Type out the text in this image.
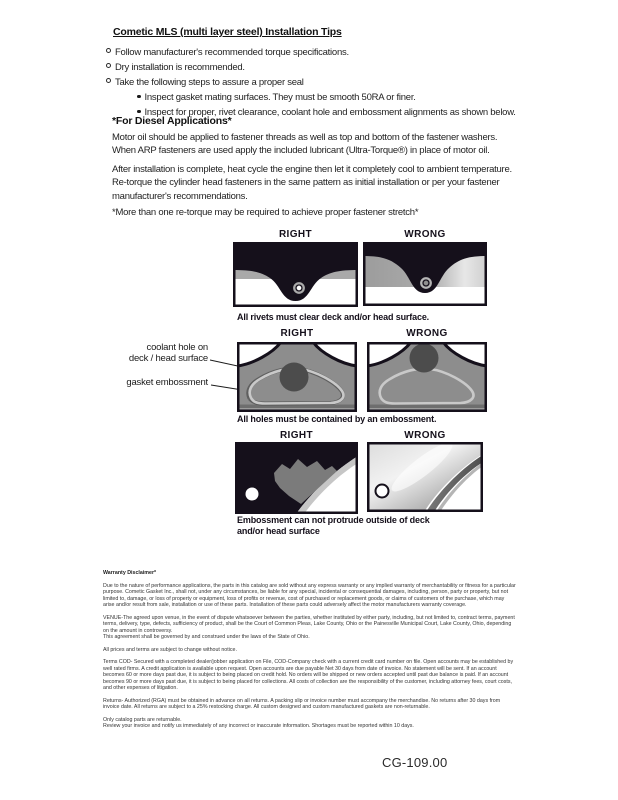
Cometic MLS (multi layer steel) Installation Tips
Follow manufacturer's recommended torque specifications.
Dry installation is recommended.
Take the following steps to assure a proper seal
Inspect gasket mating surfaces. They must be smooth 50RA or finer.
Inspect for proper, rivet clearance, coolant hole and embossment alignments as shown below.
*For Diesel Applications*
Motor oil should be applied to fastener threads as well as top and bottom of the fastener washers. When ARP fasteners are used apply the included lubricant (Ultra-Torque®) in place of motor oil.
After installation is complete, heat cycle the engine then let it completely cool to ambient temperature. Re-torque the cylinder head fasteners in the same pattern as initial installation or per your fastener manufacturer's recommendations.
*More than one re-torque may be required to achieve proper fastener stretch*
RIGHT	WRONG
All rivets must clear deck and/or head surface.
RIGHT	WRONG
coolant hole on
deck / head surface
gasket embossment
All holes must be contained by an embossment.
RIGHT	WRONG
Embossment can not protrude outside of deck and/or head surface

Warranty Disclaimer*

Due to the nature of performance applications, the parts in this catalog are sold without any express warranty or any implied warranty of merchantability or fitness for a particular purpose. Cometic Gasket Inc., shall not, under any circumstances, be liable for any special, incidental or consequential damages, including, person, party or property, but not limited to, damage, or loss of property or equipment, loss of profits or revenue, cost of purchased or replacement goods, or claims of customers of the purchase, which may arise and/or result from sale, installation or use of these parts. Installation of these parts could adversely affect the motor manufacturers warranty coverage.

VENUE-The agreed upon venue, in the event of dispute whatsoever between the parties, whether instituted by either party, including, but not limited to, contract terms, payment terms, delivery, type, defects, sufficiency of product, shall be the Court of Common Pleas, Lake County, Ohio or the Painesville Municipal Court, Lake County, Ohio, depending on the amount in controversy.

This agreement shall be governed by and construed under the laws of the State of Ohio.

All prices and terms are subject to change without notice.

Terms COD- Secured with a completed dealer/jobber application on File, COD-Company check with a current credit card number on file. Open accounts may be established by well rated firms. A credit application is available upon request. Open accounts are due payable Net 30 days from date of invoice. No statement will be sent. If an account becomes 60 or more days past due, it is subject to being placed on credit hold. No orders will be shipped or new orders accepted until past due balance is paid. If an account becomes 90 or more days past due, it is subject to being placed for collections. All costs of collection are the responsibility of the customer, including attorney fees, court costs, and other expenses of litigation.

Returns- Authorized (RGA) must be obtained in advance on all returns. A packing slip or invoice number must accompany the merchandise. No returns after 30 days from invoice date. All returns are subject to a 25% restocking charge. All custom designed and custom manufactured gaskets are non-returnable.

Only catalog parts are returnable.

Review your invoice and notify us immediately of any incorrect or inaccurate information. Shortages must be reported within 10 days.

CG-109.00
